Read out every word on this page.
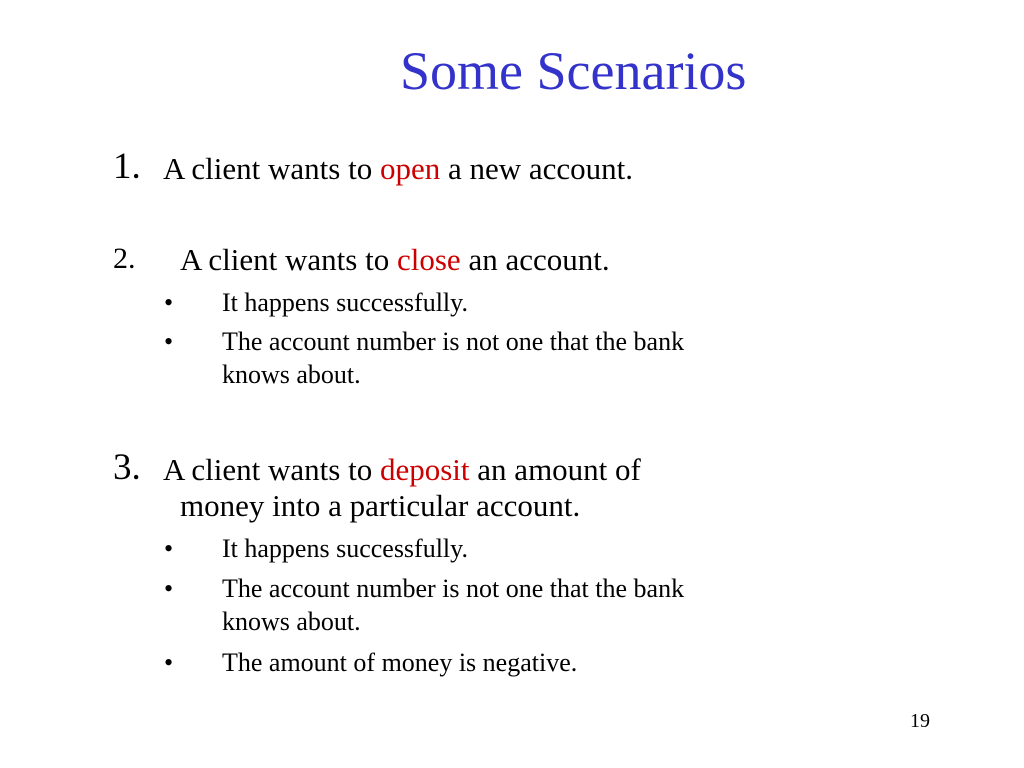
Some Scenarios
1. A client wants to open a new account.
2. A client wants to close an account.
• It happens successfully.
• The account number is not one that the bank
knows about.
3. A client wants to deposit an amount of
money into a particular account.
• It happens successfully.
• The account number is not one that the bank
knows about.
• The amount of money is negative.
19
